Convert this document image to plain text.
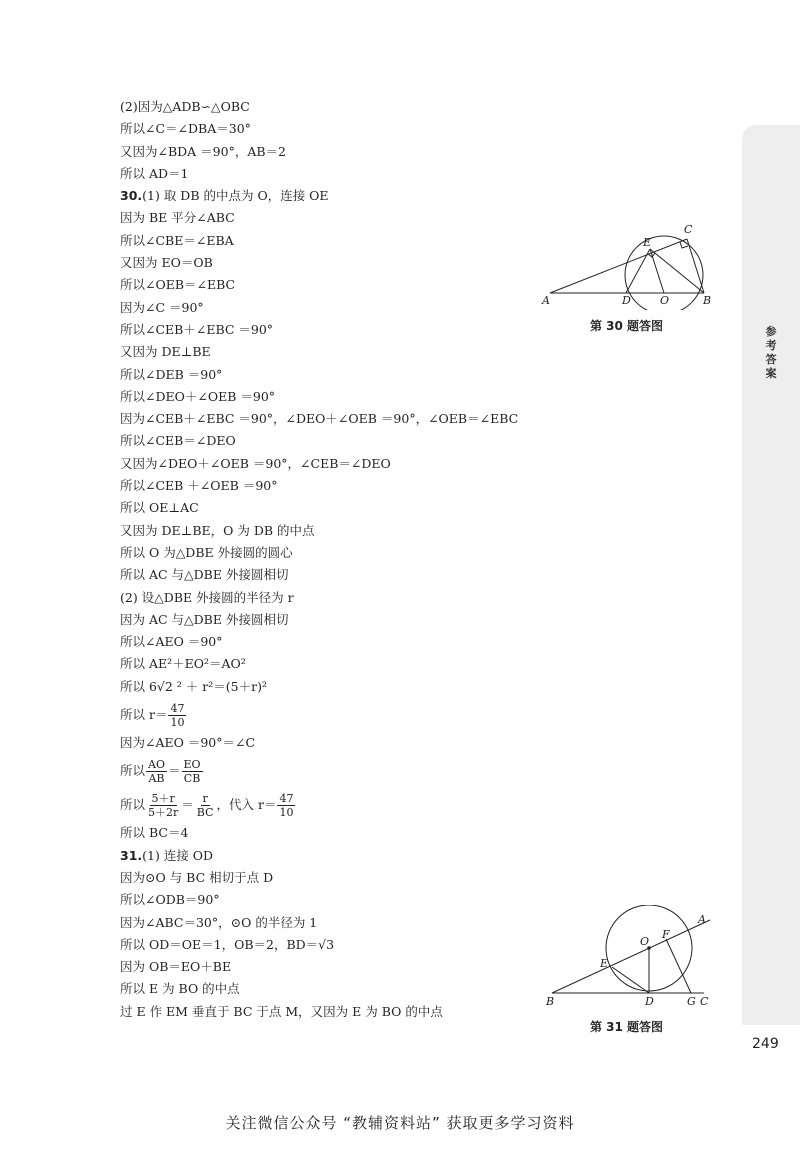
参考答案
(2)因为△ADB∽△OBC
所以∠C＝∠DBA＝30°
又因为∠BDA ＝90°，AB＝2
所以 AD＝1
30.(1) 取 DB 的中点为 O，连接 OE
因为 BE 平分∠ABC
所以∠CBE＝∠EBA
又因为 EO＝OB
所以∠OEB＝∠EBC
因为∠C ＝90°
所以∠CEB＋∠EBC ＝90°
又因为 DE⊥BE
所以∠DEB ＝90°
所以∠DEO＋∠OEB ＝90°
因为∠CEB＋∠EBC ＝90°，∠DEO＋∠OEB ＝90°，∠OEB＝∠EBC
所以∠CEB＝∠DEO
又因为∠DEO＋∠OEB ＝90°，∠CEB＝∠DEO
所以∠CEB ＋∠OEB ＝90°
所以 OE⊥AC
又因为 DE⊥BE，O 为 DB 的中点
所以 O 为△DBE 外接圆的圆心
所以 AC 与△DBE 外接圆相切
(2) 设△DBE 外接圆的半径为 r
因为 AC 与△DBE 外接圆相切
所以∠AEO ＝90°
所以 AE²＋EO²＝AO²
所以 6√2 ² ＋ r²＝(5＋r)²
所以 $r= \frac{47}{10}$
因为∠AEO ＝90°＝∠C
所以 $\frac{AO}{AB} = \frac{EO}{CB}$
所以 $\frac{5+r}{5+2r} = \frac{r}{BC}$ ，代入 $r= \frac{47}{10}$
所以 BC＝4
31.(1) 连接 OD
因为⊙O 与 BC 相切于点 D
所以∠ODB＝90°
因为∠ABC＝30°，⊙O 的半径为 1
所以 OD＝OE＝1，OB＝2，BD＝√3
因为 OB＝EO＋BE
所以 E 为 BO 的中点
过 E 作 EM 垂直于 BC 于点 M，又因为 E 为 BO 的中点
A	D	O	B
E
C
第 30 题答图
O
F
A
E
B	D	G C
第 31 题答图
249
关注微信公众号 “教辅资料站” 获取更多学习资料
